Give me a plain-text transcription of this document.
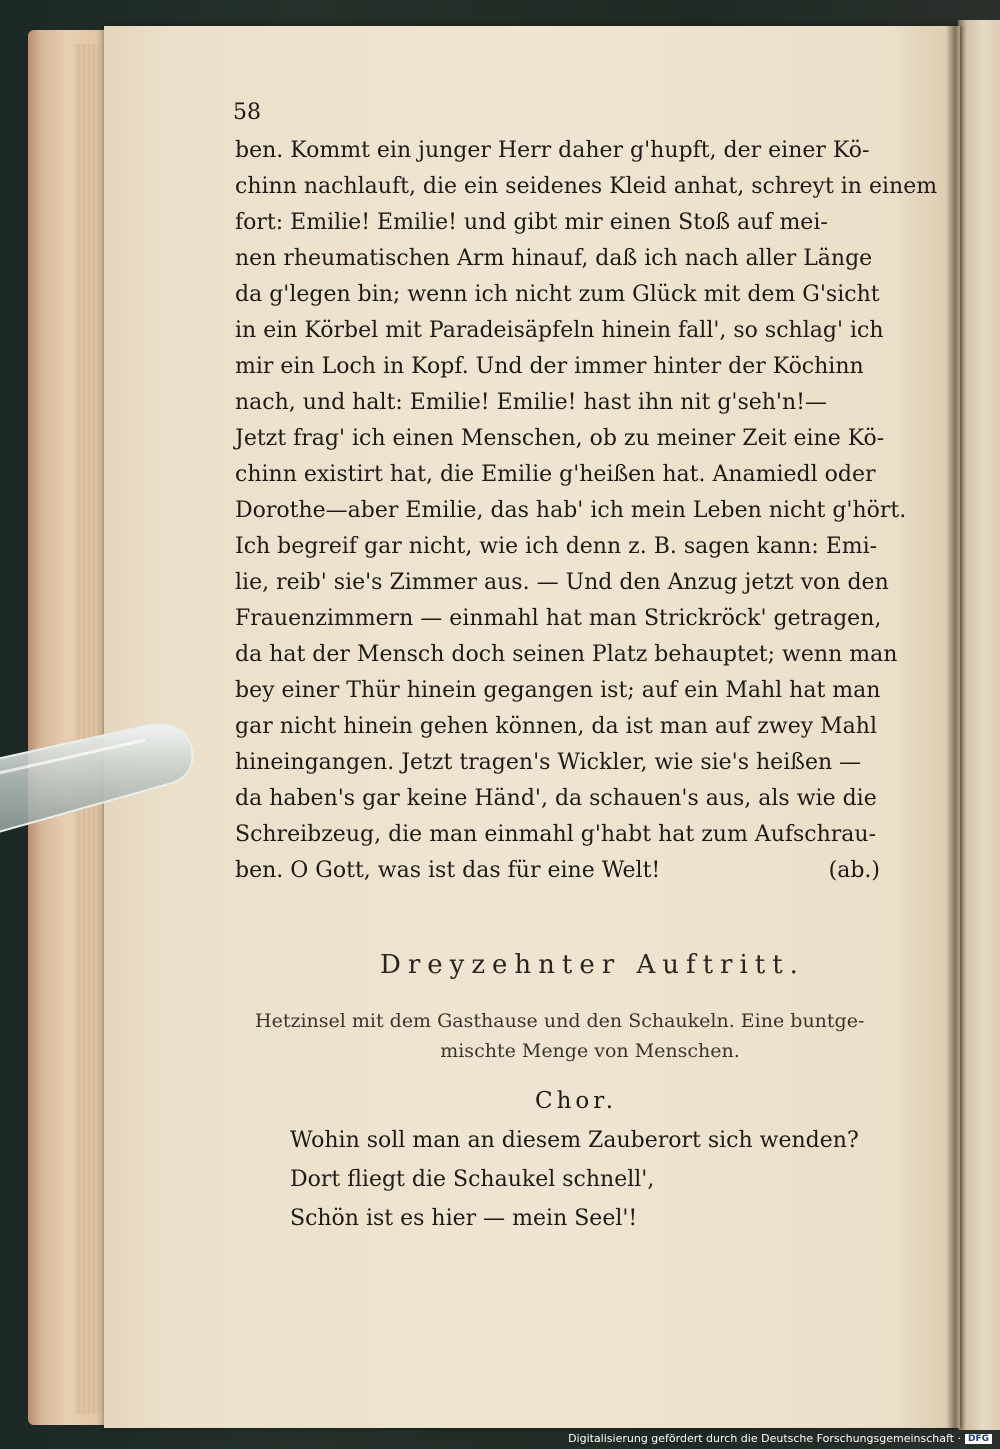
58
ben. Kommt ein junger Herr daher g'hupft, der einer Kö-
chinn nachlauft, die ein seidenes Kleid anhat, schreyt in einem
fort: Emilie! Emilie! und gibt mir einen Stoß auf mei-
nen rheumatischen Arm hinauf, daß ich nach aller Länge
da g'legen bin; wenn ich nicht zum Glück mit dem G'sicht
in ein Körbel mit Paradeisäpfeln hinein fall', so schlag' ich
mir ein Loch in Kopf. Und der immer hinter der Köchinn
nach, und halt: Emilie! Emilie! hast ihn nit g'seh'n!—
Jetzt frag' ich einen Menschen, ob zu meiner Zeit eine Kö-
chinn existirt hat, die Emilie g'heißen hat. Anamiedl oder
Dorothe—aber Emilie, das hab' ich mein Leben nicht g'hört.
Ich begreif gar nicht, wie ich denn z. B. sagen kann: Emi-
lie, reib' sie's Zimmer aus. — Und den Anzug jetzt von den
Frauenzimmern — einmahl hat man Strickröck' getragen,
da hat der Mensch doch seinen Platz behauptet; wenn man
bey einer Thür hinein gegangen ist; auf ein Mahl hat man
gar nicht hinein gehen können, da ist man auf zwey Mahl
hineingangen. Jetzt tragen's Wickler, wie sie's heißen —
da haben's gar keine Händ', da schauen's aus, als wie die
Schreibzeug, die man einmahl g'habt hat zum Aufschrau-
ben. O Gott, was ist das für eine Welt!	(ab.)
Dreyzehnter Auftritt.
Hetzinsel mit dem Gasthause und den Schaukeln. Eine buntge-
mischte Menge von Menschen.
Chor.
Wohin soll man an diesem Zauberort sich wenden?
Dort fliegt die Schaukel schnell',
Schön ist es hier — mein Seel'!
Digitalisierung gefördert durch die Deutsche Forschungsgemeinschaft · DFG
